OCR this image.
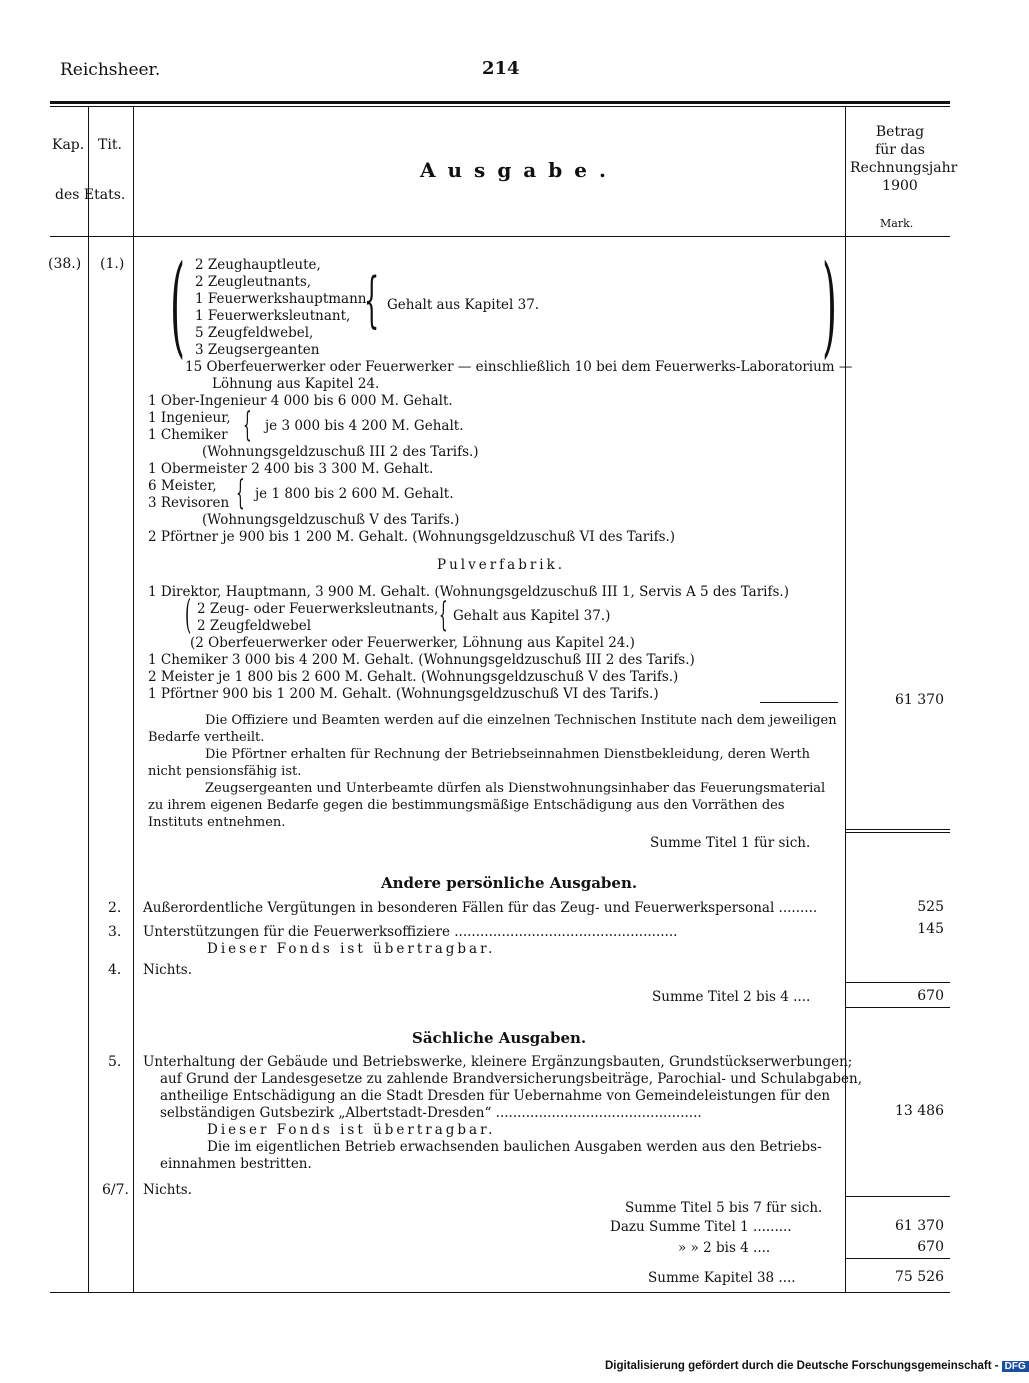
Reichsheer.	214
Kap. Tit.
des Etats.
Ausgabe.
Betrag
für das
Rechnungsjahr
1900
Mark.
(38.) (1.) (	)
2 Zeughauptleute,
2 Zeugleutnants,
1 Feuerwerkshauptmann,
1 Feuerwerksleutnant,
5 Zeugfeldwebel,
3 Zeugsergeanten
{ Gehalt aus Kapitel 37.
15 Oberfeuerwerker oder Feuerwerker — einschließlich 10 bei dem Feuerwerks-Laboratorium —
Löhnung aus Kapitel 24.
1 Ober-Ingenieur 4 000 bis 6 000 M. Gehalt.
1 Ingenieur,
1 Chemiker { je 3 000 bis 4 200 M. Gehalt.
(Wohnungsgeldzuschuß III 2 des Tarifs.)
1 Obermeister 2 400 bis 3 300 M. Gehalt.
6 Meister,
3 Revisoren { je 1 800 bis 2 600 M. Gehalt.
(Wohnungsgeldzuschuß V des Tarifs.)
2 Pförtner je 900 bis 1 200 M. Gehalt. (Wohnungsgeldzuschuß VI des Tarifs.)
Pulverfabrik.
1 Direktor, Hauptmann, 3 900 M. Gehalt. (Wohnungsgeldzuschuß III 1, Servis A 5 des Tarifs.)
( 2 Zeug- oder Feuerwerksleutnants,
2 Zeugfeldwebel	{ Gehalt aus Kapitel 37.)
(2 Oberfeuerwerker oder Feuerwerker, Löhnung aus Kapitel 24.)
1 Chemiker 3 000 bis 4 200 M. Gehalt. (Wohnungsgeldzuschuß III 2 des Tarifs.)
2 Meister je 1 800 bis 2 600 M. Gehalt. (Wohnungsgeldzuschuß V des Tarifs.)
1 Pförtner 900 bis 1 200 M. Gehalt. (Wohnungsgeldzuschuß VI des Tarifs.)	61 370
Die Offiziere und Beamten werden auf die einzelnen Technischen Institute nach dem jeweiligen
Bedarfe vertheilt.
Die Pförtner erhalten für Rechnung der Betriebseinnahmen Dienstbekleidung, deren Werth
nicht pensionsfähig ist.
Zeugsergeanten und Unterbeamte dürfen als Dienstwohnungsinhaber das Feuerungsmaterial
zu ihrem eigenen Bedarfe gegen die bestimmungsmäßige Entschädigung aus den Vorräthen des
Instituts entnehmen.
Summe Titel 1 für sich.
Andere persönliche Ausgaben.
2. Außerordentliche Vergütungen in besonderen Fällen für das Zeug- und Feuerwerkspersonal .........	525
3. Unterstützungen für die Feuerwerksoffiziere ....................................................	145
Dieser Fonds ist übertragbar.
4. Nichts.
Summe Titel 2 bis 4 ....	670
Sächliche Ausgaben.
5. Unterhaltung der Gebäude und Betriebswerke, kleinere Ergänzungsbauten, Grundstückserwerbungen;
auf Grund der Landesgesetze zu zahlende Brandversicherungsbeiträge, Parochial- und Schulabgaben,
antheilige Entschädigung an die Stadt Dresden für Uebernahme von Gemeindeleistungen für den
selbständigen Gutsbezirk „Albertstadt-Dresden“ ................................................	13 486
Dieser Fonds ist übertragbar.
Die im eigentlichen Betrieb erwachsenden baulichen Ausgaben werden aus den Betriebs-
einnahmen bestritten.
6/7. Nichts.
Summe Titel 5 bis 7 für sich.
Dazu Summe Titel 1 .........	61 370
» » 2 bis 4 ....	670
Summe Kapitel 38 ....	75 526
Digitalisierung gefördert durch die Deutsche Forschungsgemeinschaft - DFG
